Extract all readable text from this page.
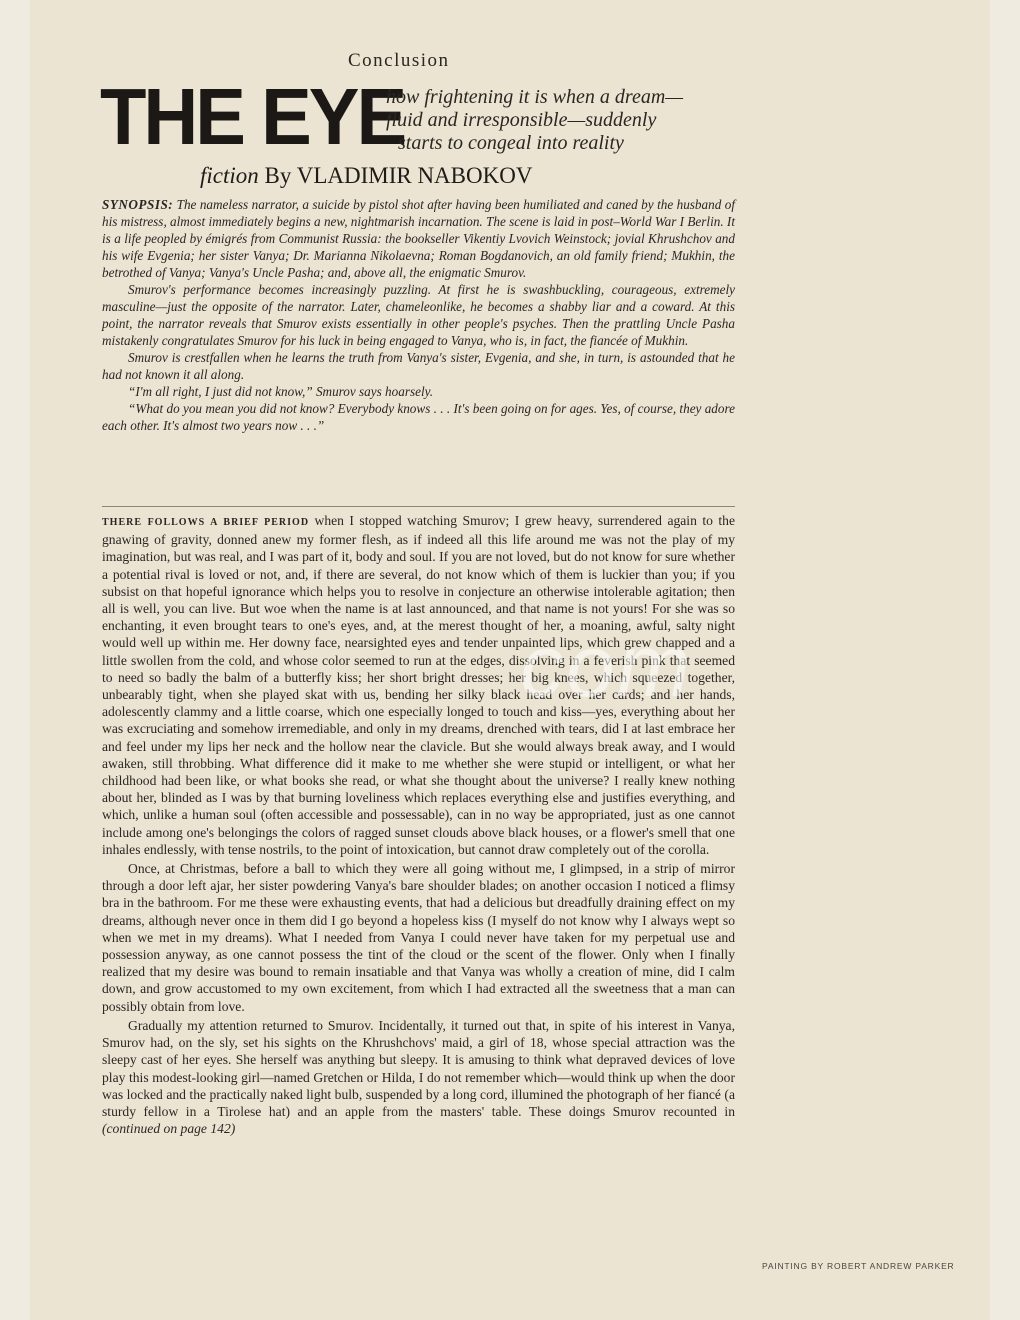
Conclusion
THE EYE
how frightening it is when a dream—
fluid and irresponsible—suddenly
starts to congeal into reality
fiction By VLADIMIR NABOKOV

SYNOPSIS: The nameless narrator, a suicide by pistol shot after having been humiliated and caned by the husband of his mistress, almost immediately begins a new, nightmarish incarnation. The scene is laid in post–World War I Berlin. It is a life peopled by émigrés from Communist Russia: the bookseller Vikentiy Lvovich Weinstock; jovial Khrushchov and his wife Evgenia; her sister Vanya; Dr. Marianna Nikolaevna; Roman Bogdanovich, an old family friend; Mukhin, the betrothed of Vanya; Vanya's Uncle Pasha; and, above all, the enigmatic Smurov.

Smurov's performance becomes increasingly puzzling. At first he is swashbuckling, courageous, extremely masculine—just the opposite of the narrator. Later, chameleonlike, he becomes a shabby liar and a coward. At this point, the narrator reveals that Smurov exists essentially in other people's psyches. Then the prattling Uncle Pasha mistakenly congratulates Smurov for his luck in being engaged to Vanya, who is, in fact, the fiancée of Mukhin.

Smurov is crestfallen when he learns the truth from Vanya's sister, Evgenia, and she, in turn, is astounded that he had not known it all along.

“I'm all right, I just did not know,” Smurov says hoarsely.

“What do you mean you did not know? Everybody knows . . . It's been going on for ages. Yes, of course, they adore each other. It's almost two years now . . .”

THERE FOLLOWS A BRIEF PERIOD when I stopped watching Smurov; I grew heavy, surrendered again to the gnawing of gravity, donned anew my former flesh, as if indeed all this life around me was not the play of my imagination, but was real, and I was part of it, body and soul. If you are not loved, but do not know for sure whether a potential rival is loved or not, and, if there are several, do not know which of them is luckier than you; if you subsist on that hopeful ignorance which helps you to resolve in conjecture an otherwise intolerable agitation; then all is well, you can live. But woe when the name is at last announced, and that name is not yours! For she was so enchanting, it even brought tears to one's eyes, and, at the merest thought of her, a moaning, awful, salty night would well up within me. Her downy face, nearsighted eyes and tender unpainted lips, which grew chapped and a little swollen from the cold, and whose color seemed to run at the edges, dissolving in a feverish pink that seemed to need so badly the balm of a butterfly kiss; her short bright dresses; her big knees, which squeezed together, unbearably tight, when she played skat with us, bending her silky black head over her cards; and her hands, adolescently clammy and a little coarse, which one especially longed to touch and kiss—yes, everything about her was excruciating and somehow irremediable, and only in my dreams, drenched with tears, did I at last embrace her and feel under my lips her neck and the hollow near the clavicle. But she would always break away, and I would awaken, still throbbing. What difference did it make to me whether she were stupid or intelligent, or what her childhood had been like, or what books she read, or what she thought about the universe? I really knew nothing about her, blinded as I was by that burning loveliness which replaces everything else and justifies everything, and which, unlike a human soul (often accessible and possessable), can in no way be appropriated, just as one cannot include among one's belongings the colors of ragged sunset clouds above black houses, or a flower's smell that one inhales endlessly, with tense nostrils, to the point of intoxication, but cannot draw completely out of the corolla.

Once, at Christmas, before a ball to which they were all going without me, I glimpsed, in a strip of mirror through a door left ajar, her sister powdering Vanya's bare shoulder blades; on another occasion I noticed a flimsy bra in the bathroom. For me these were exhausting events, that had a delicious but dreadfully draining effect on my dreams, although never once in them did I go beyond a hopeless kiss (I myself do not know why I always wept so when we met in my dreams). What I needed from Vanya I could never have taken for my perpetual use and possession anyway, as one cannot possess the tint of the cloud or the scent of the flower. Only when I finally realized that my desire was bound to remain insatiable and that Vanya was wholly a creation of mine, did I calm down, and grow accustomed to my own excitement, from which I had extracted all the sweetness that a man can possibly obtain from love.

Gradually my attention returned to Smurov. Incidentally, it turned out that, in spite of his interest in Vanya, Smurov had, on the sly, set his sights on the Khrushchovs' maid, a girl of 18, whose special attraction was the sleepy cast of her eyes. She herself was anything but sleepy. It is amusing to think what depraved devices of love play this modest-looking girl—named Gretchen or Hilda, I do not remember which—would think up when the door was locked and the practically naked light bulb, suspended by a long cord, illumined the photograph of her fiancé (a sturdy fellow in a Tirolese hat) and an apple from the masters' table. These doings Smurov recounted in (continued on page 142)

PAINTING BY ROBERT ANDREW PARKER
com
